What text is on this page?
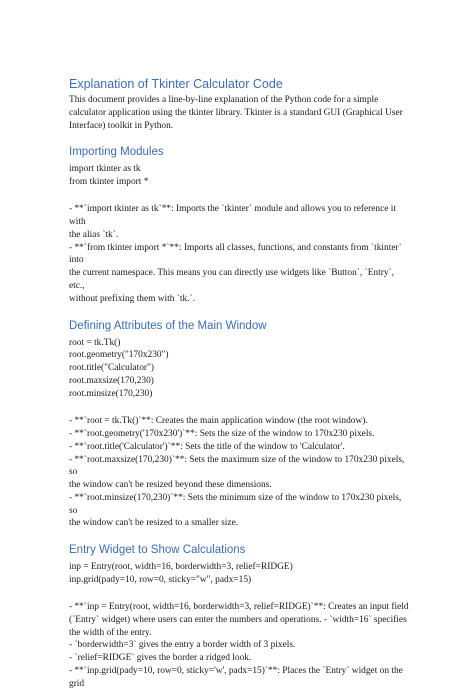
Explanation of Tkinter Calculator Code

This document provides a line-by-line explanation of the Python code for a simple

calculator application using the tkinter library. Tkinter is a standard GUI (Graphical User

Interface) toolkit in Python.

Importing Modules

import tkinter as tk

from tkinter import *

- **`import tkinter as tk`**: Imports the `tkinter` module and allows you to reference it with

the alias `tk`.

- **`from tkinter import *`**: Imports all classes, functions, and constants from `tkinter` into

the current namespace. This means you can directly use widgets like `Button`, `Entry`, etc.,

without prefixing them with `tk.`.

Defining Attributes of the Main Window

root = tk.Tk()

root.geometry("170x230")

root.title("Calculator")

root.maxsize(170,230)

root.minsize(170,230)

- **`root = tk.Tk()`**: Creates the main application window (the root window).

- **`root.geometry('170x230')`**: Sets the size of the window to 170x230 pixels.

- **`root.title('Calculator')`**: Sets the title of the window to 'Calculator'.

- **`root.maxsize(170,230)`**: Sets the maximum size of the window to 170x230 pixels, so

the window can't be resized beyond these dimensions.

- **`root.minsize(170,230)`**: Sets the minimum size of the window to 170x230 pixels, so

the window can't be resized to a smaller size.

Entry Widget to Show Calculations

inp = Entry(root, width=16, borderwidth=3, relief=RIDGE)

inp.grid(pady=10, row=0, sticky="w", padx=15)

- **`inp = Entry(root, width=16, borderwidth=3, relief=RIDGE)`**: Creates an input field

(`Entry` widget) where users can enter the numbers and operations. - `width=16` specifies

the width of the entry.

- `borderwidth=3` gives the entry a border width of 3 pixels.

- `relief=RIDGE` gives the border a ridged look.

- **`inp.grid(pady=10, row=0, sticky='w', padx=15)`**: Places the `Entry` widget on the grid
